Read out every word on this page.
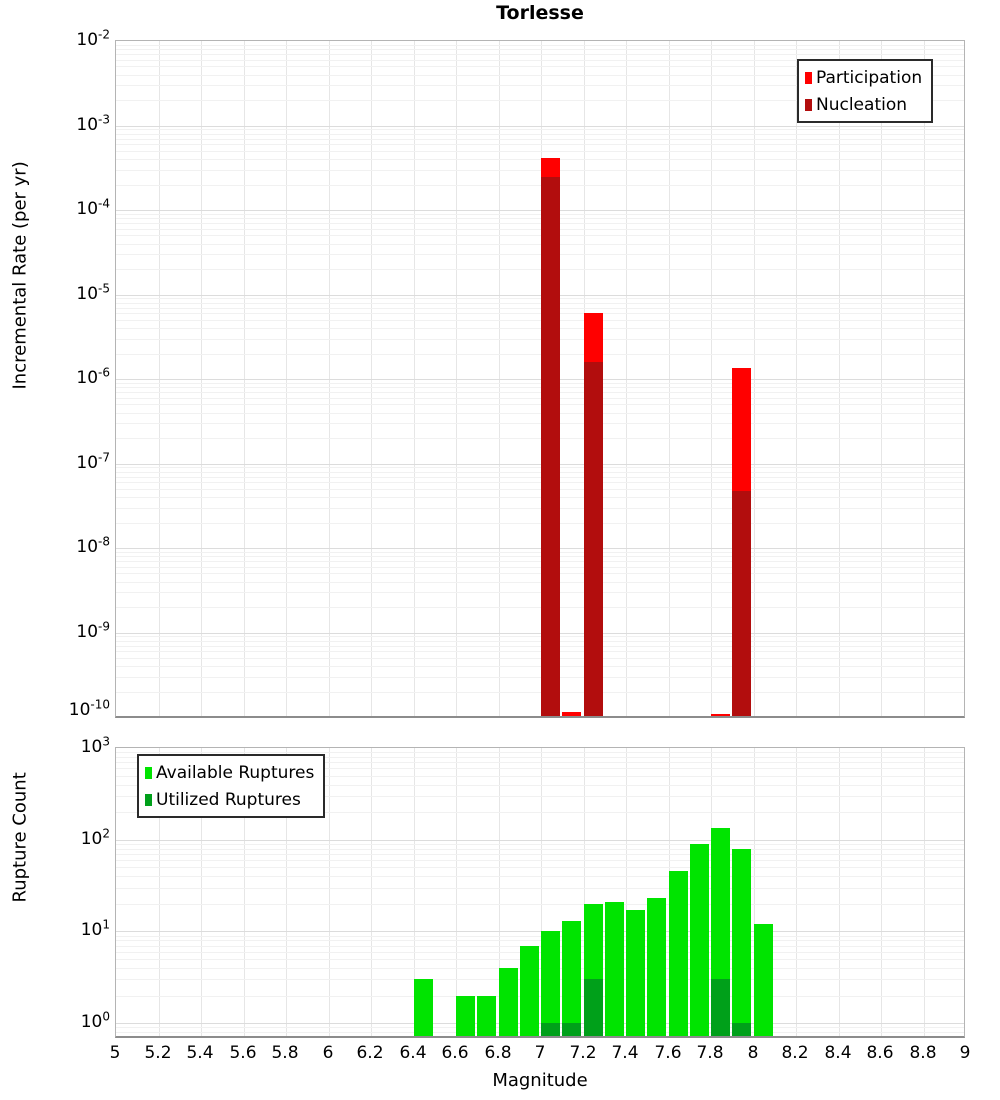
Torlesse
Incremental Rate (per yr)
Rupture Count
Participation
Nucleation
Available Ruptures
Utilized Ruptures
$10^{-2}$
$10^{-3}$
$10^{-4}$
$10^{-5}$
$10^{-6}$
$10^{-7}$
$10^{-8}$
$10^{-9}$
$10^{-10}$
$10^3$
$10^2$
$10^1$
$10^0$
5	5.2 5.4 5.6 5.8	6	6.2 6.4 6.6 6.8	7	7.2 7.4 7.6 7.8	8	8.2 8.4 8.6 8.8	9
Magnitude
